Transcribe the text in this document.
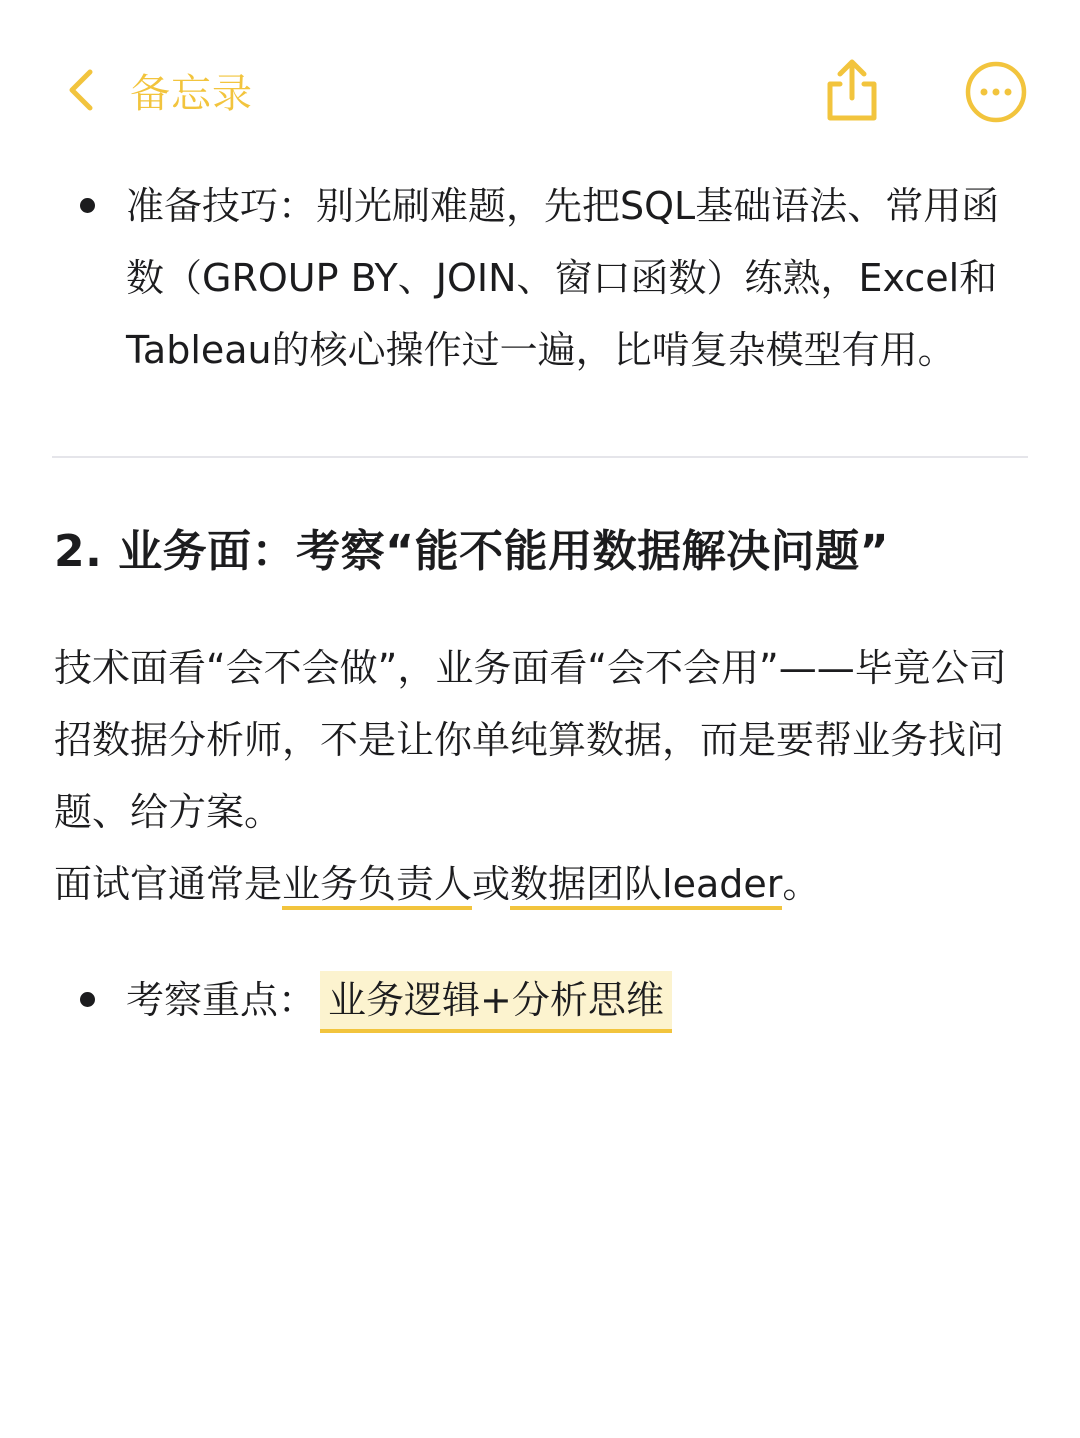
备忘录
准备技巧：别光刷难题，先把SQL基础语法、常用函数（GROUP BY、JOIN、窗口函数）练熟，Excel和Tableau的核心操作过一遍，比啃复杂模型有用。
2. 业务面：考察“能不能用数据解决问题”
技术面看“会不会做”，业务面看“会不会用”——毕竟公司招数据分析师，不是让你单纯算数据，而是要帮业务找问题、给方案。
面试官通常是业务负责人或数据团队leader。
考察重点： 业务逻辑+分析思维
